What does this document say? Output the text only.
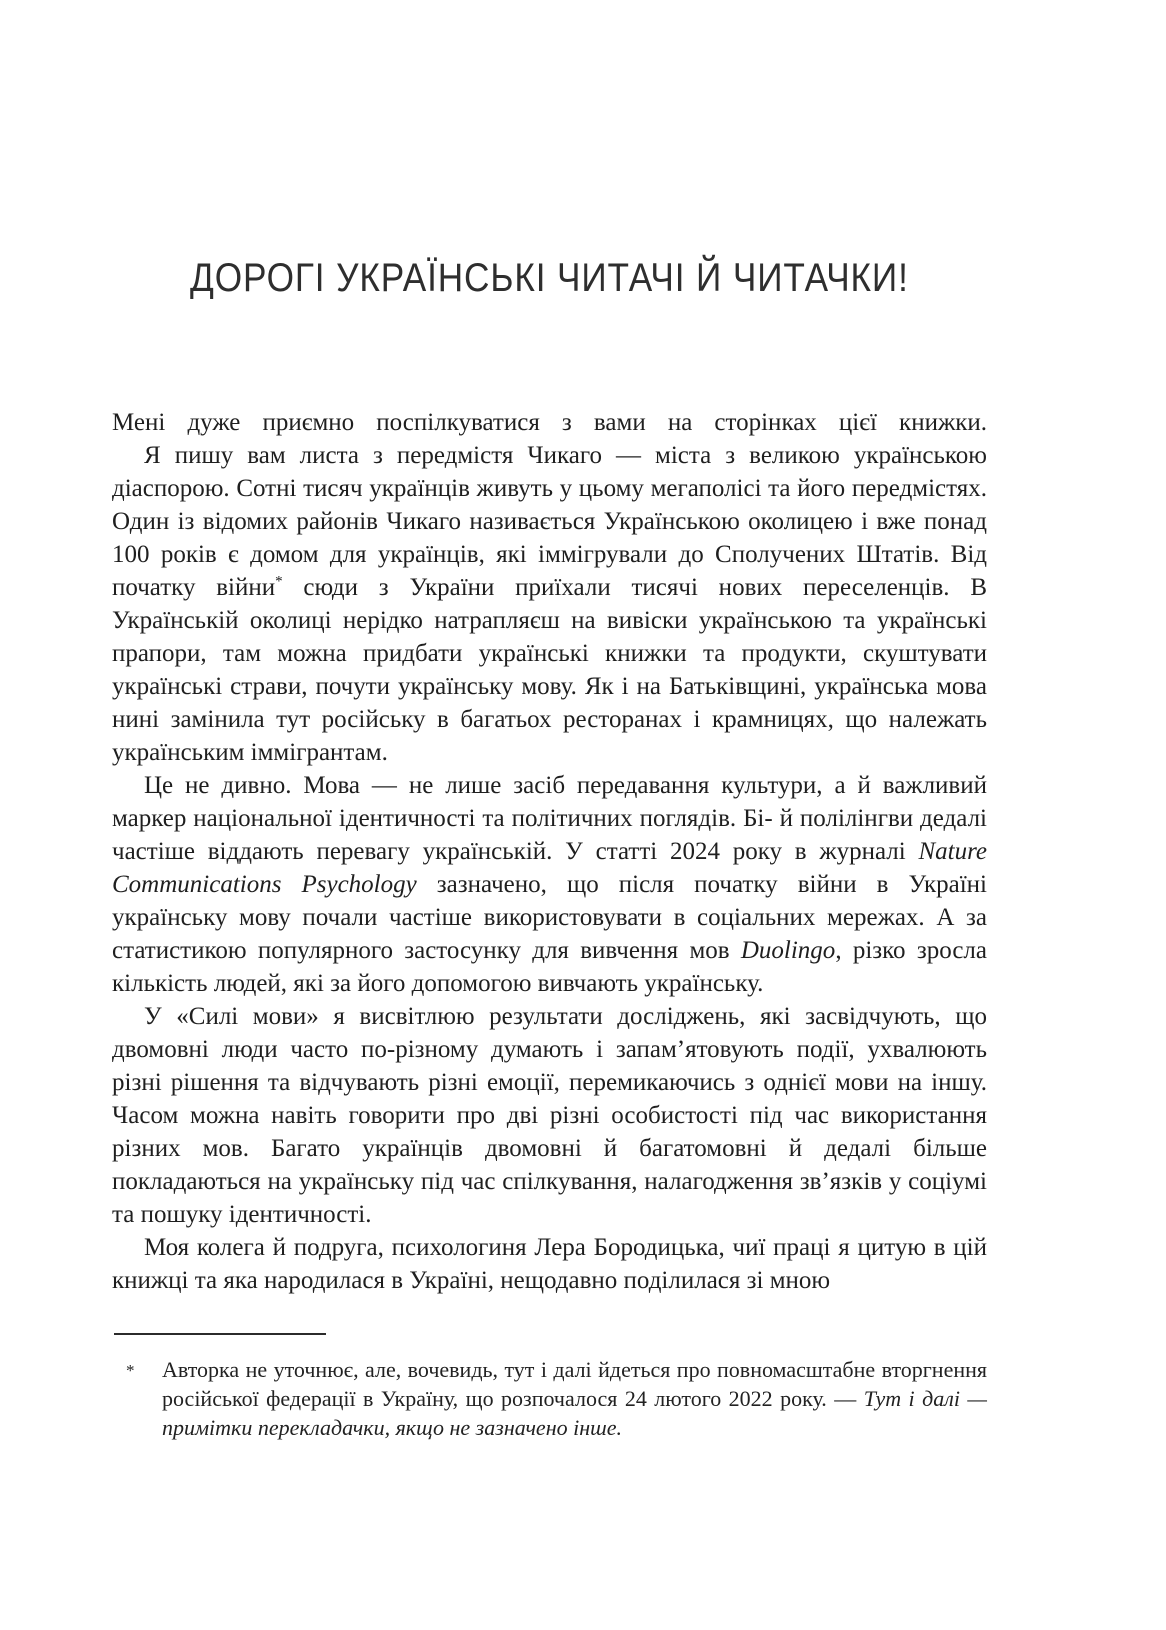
ДОРОГІ УКРАЇНСЬКІ ЧИТАЧІ Й ЧИТАЧКИ!

Мені дуже приємно поспілкуватися з вами на сторінках цієї книжки.

Я пишу вам листа з передмістя Чикаго — міста з великою українською діаспорою. Сотні тисяч українців живуть у цьому мегаполісі та його передмістях. Один із відомих районів Чикаго називається Українською околицею і вже понад 100 років є домом для українців, які іммігрували до Сполучених Штатів. Від початку війни* сюди з України приїхали тисячі нових переселенців. В Українській околиці нерідко натрапляєш на вивіски українською та українські прапори, там можна придбати українські книжки та продукти, скуштувати українські страви, почути українську мову. Як і на Батьківщині, українська мова нині замінила тут російську в багатьох ресторанах і крамницях, що належать українським іммігрантам.

Це не дивно. Мова — не лише засіб передавання культури, а й важливий маркер національної ідентичності та політичних поглядів. Бі- й полілінгви дедалі частіше віддають перевагу українській. У статті 2024 року в журналі Nature Communications Psychology зазначено, що після початку війни в Україні українську мову почали частіше використовувати в соціальних мережах. А за статистикою популярного застосунку для вивчення мов Duolingo, різко зросла кількість людей, які за його допомогою вивчають українську.

У «Силі мови» я висвітлюю результати досліджень, які засвідчують, що двомовні люди часто по-різному думають і запам’ятовують події, ухвалюють різні рішення та відчувають різні емоції, перемикаючись з однієї мови на іншу. Часом можна навіть говорити про дві різні особистості під час використання різних мов. Багато українців двомовні й багатомовні й дедалі більше покладаються на українську під час спілкування, налагодження зв’язків у соціумі та пошуку ідентичності.

Моя колега й подруга, психологиня Лера Бородицька, чиї праці я цитую в цій книжці та яка народилася в Україні, нещодавно поділилася зі мною

*	Авторка не уточнює, але, вочевидь, тут і далі йдеться про повномасштабне вторгнення російської федерації в Україну, що розпочалося 24 лютого 2022 року. — Тут і далі — примітки перекладачки, якщо не зазначено інше.
